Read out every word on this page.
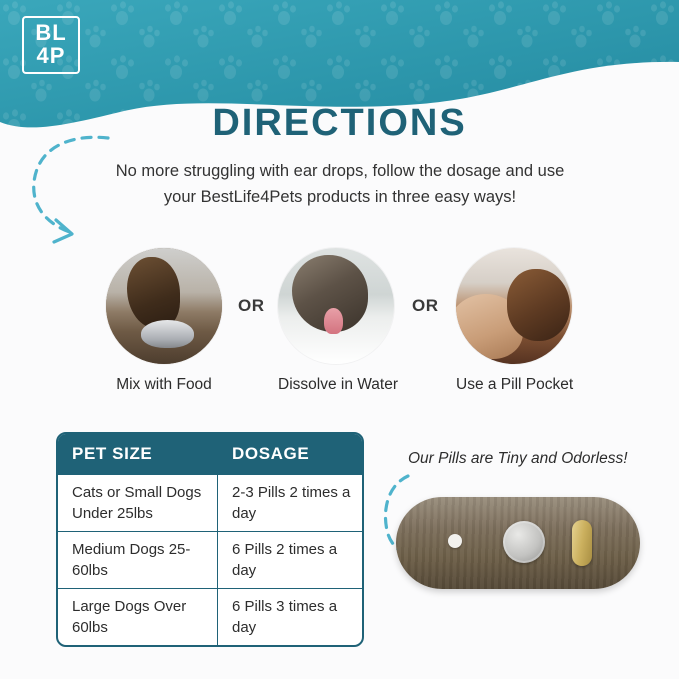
BL
4P
DIRECTIONS
No more struggling with ear drops, follow the dosage and use your BestLife4Pets products in three easy ways!
Mix with Food
OR
Dissolve in Water
OR
Use a Pill Pocket
PET SIZE	DOSAGE
Cats or Small Dogs Under 25lbs
2-3 Pills 2 times a day
Medium Dogs 25-60lbs
6 Pills 2 times a day
Large Dogs Over 60lbs
6 Pills 3 times a day
Our Pills are Tiny and Odorless!
